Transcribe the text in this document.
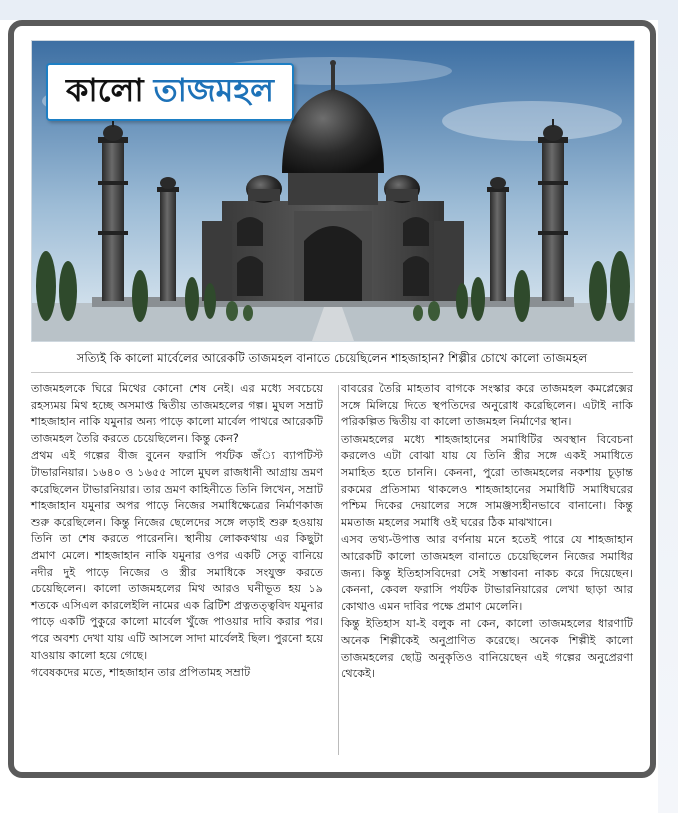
কালো তাজমহল
সত্যিই কি কালো মার্বেলের আরেকটি তাজমহল বানাতে চেয়েছিলেন শাহজাহান? শিল্পীর চোখে কালো তাজমহল

তাজমহলকে ঘিরে মিথের কোনো শেষ নেই। এর মধ্যে সবচেয়ে রহস্যময় মিথ হচ্ছে অসমাপ্ত দ্বিতীয় তাজমহলের গল্প। মুঘল সম্রাট শাহজাহান নাকি যমুনার অন্য পাড়ে কালো মার্বেল পাথরে আরেকটি তাজমহল তৈরি করতে চেয়েছিলেন। কিন্তু কেন?

প্রথম এই গল্পের বীজ বুনেন ফরাসি পর্যটক জঁ্য ব্যাপটিস্ট টাভারনিয়ার। ১৬৪০ ও ১৬৫৫ সালে মুঘল রাজধানী আগ্রায় ভ্রমণ করেছিলেন টাভারনিয়ার। তার ভ্রমণ কাহিনীতে তিনি লিখেন, সম্রাট শাহজাহান যমুনার অপর পাড়ে নিজের সমাধিক্ষেত্রের নির্মাণকাজ শুরু করেছিলেন। কিন্তু নিজের ছেলেদের সঙ্গে লড়াই শুরু হওয়ায় তিনি তা শেষ করতে পারেননি। স্থানীয় লোককথায় এর কিছুটা প্রমাণ মেলে। শাহজাহান নাকি যমুনার ওপর একটি সেতু বানিয়ে নদীর দুই পাড়ে নিজের ও স্ত্রীর সমাধিকে সংযুক্ত করতে চেয়েছিলেন। কালো তাজমহলের মিথ আরও ঘনীভূত হয় ১৯ শতকে এসিএল কারলেইলি নামের এক ব্রিটিশ প্রত্নতত্ত্ববিদ যমুনার পাড়ে একটি পুকুরে কালো মার্বেল খুঁজে পাওয়ার দাবি করার পর। পরে অবশ্য দেখা যায় এটি আসলে সাদা মার্বেলই ছিল। পুরনো হয়ে যাওয়ায় কালো হয়ে গেছে।

গবেষকদের মতে, শাহজাহান তার প্রপিতামহ সম্রাট

বাবরের তৈরি মাহতাব বাগকে সংস্কার করে তাজমহল কমপ্লেক্সের সঙ্গে মিলিয়ে দিতে স্থপতিদের অনুরোধ করেছিলেন। এটাই নাকি পরিকল্পিত দ্বিতীয় বা কালো তাজমহল নির্মাণের স্থান।

তাজমহলের মধ্যে শাহজাহানের সমাধিটির অবস্থান বিবেচনা করলেও এটা বোঝা যায় যে তিনি স্ত্রীর সঙ্গে একই সমাধিতে সমাহিত হতে চাননি। কেননা, পুরো তাজমহলের নকশায় চূড়ান্ত রকমের প্রতিসাম্য থাকলেও শাহজাহানের সমাধিটি সমাধিঘরের পশ্চিম দিকের দেয়ালের সঙ্গে সামঞ্জস্যহীনভাবে বানানো। কিন্তু মমতাজ মহলের সমাধি ওই ঘরের ঠিক মাঝখানে।

এসব তথ্য-উপাত্ত আর বর্ণনায় মনে হতেই পারে যে শাহজাহান আরেকটি কালো তাজমহল বানাতে চেয়েছিলেন নিজের সমাধির জন্য। কিন্তু ইতিহাসবিদেরা সেই সম্ভাবনা নাকচ করে দিয়েছেন। কেননা, কেবল ফরাসি পর্যটক টাভারনিয়ারের লেখা ছাড়া আর কোথাও এমন দাবির পক্ষে প্রমাণ মেলেনি।

কিন্তু ইতিহাস যা-ই বলুক না কেন, কালো তাজমহলের ধারণাটি অনেক শিল্পীকেই অনুপ্রাণিত করেছে। অনেক শিল্পীই কালো তাজমহলের ছোট্ট অনুকৃতিও বানিয়েছেন এই গল্পের অনুপ্রেরণা থেকেই।
